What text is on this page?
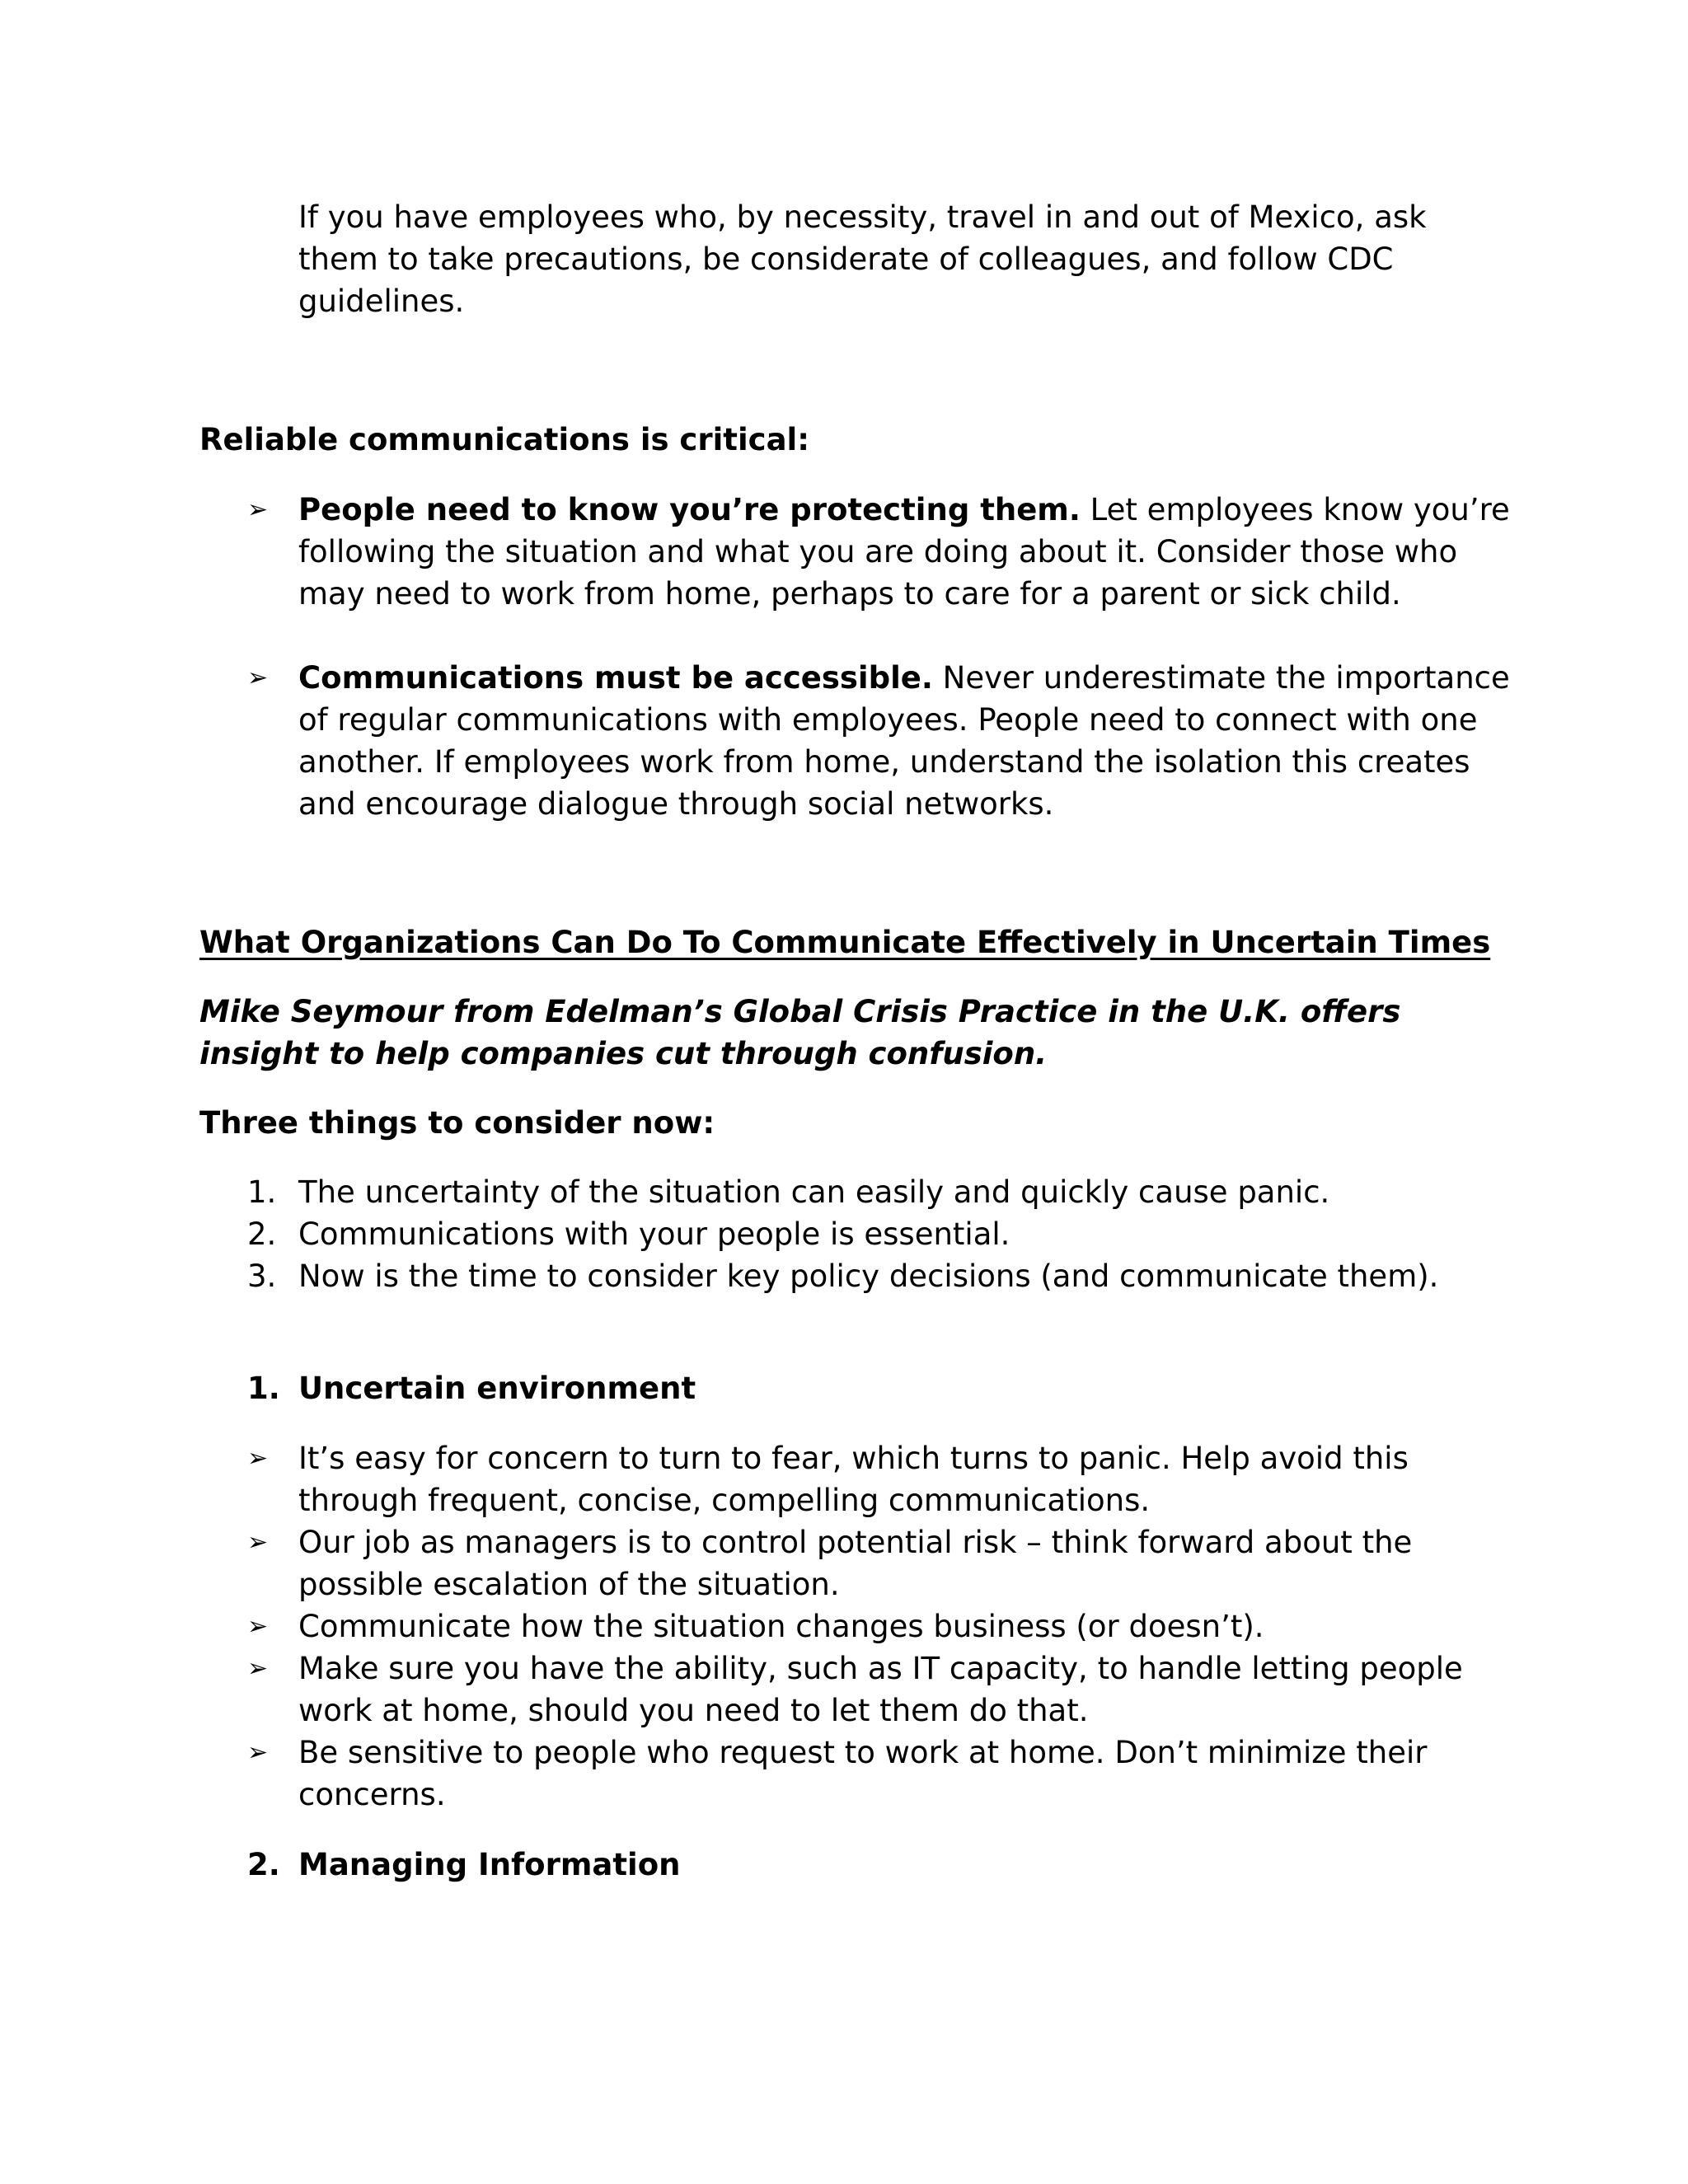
If you have employees who, by necessity, travel in and out of Mexico, ask them to take precautions, be considerate of colleagues, and follow CDC guidelines.

Reliable communications is critical:

➢ People need to know you’re protecting them. Let employees know you’re following the situation and what you are doing about it. Consider those who may need to work from home, perhaps to care for a parent or sick child.
➢ Communications must be accessible. Never underestimate the importance of regular communications with employees. People need to connect with one another. If employees work from home, understand the isolation this creates and encourage dialogue through social networks.

What Organizations Can Do To Communicate Effectively in Uncertain Times

Mike Seymour from Edelman’s Global Crisis Practice in the U.K. offers insight to help companies cut through confusion.

Three things to consider now:

1. The uncertainty of the situation can easily and quickly cause panic.
2. Communications with your people is essential.
3. Now is the time to consider key policy decisions (and communicate them).
1. Uncertain environment
➢ It’s easy for concern to turn to fear, which turns to panic. Help avoid this through frequent, concise, compelling communications.
➢ Our job as managers is to control potential risk – think forward about the possible escalation of the situation.
➢ Communicate how the situation changes business (or doesn’t).
➢ Make sure you have the ability, such as IT capacity, to handle letting people work at home, should you need to let them do that.
➢ Be sensitive to people who request to work at home. Don’t minimize their concerns.
2. Managing Information
